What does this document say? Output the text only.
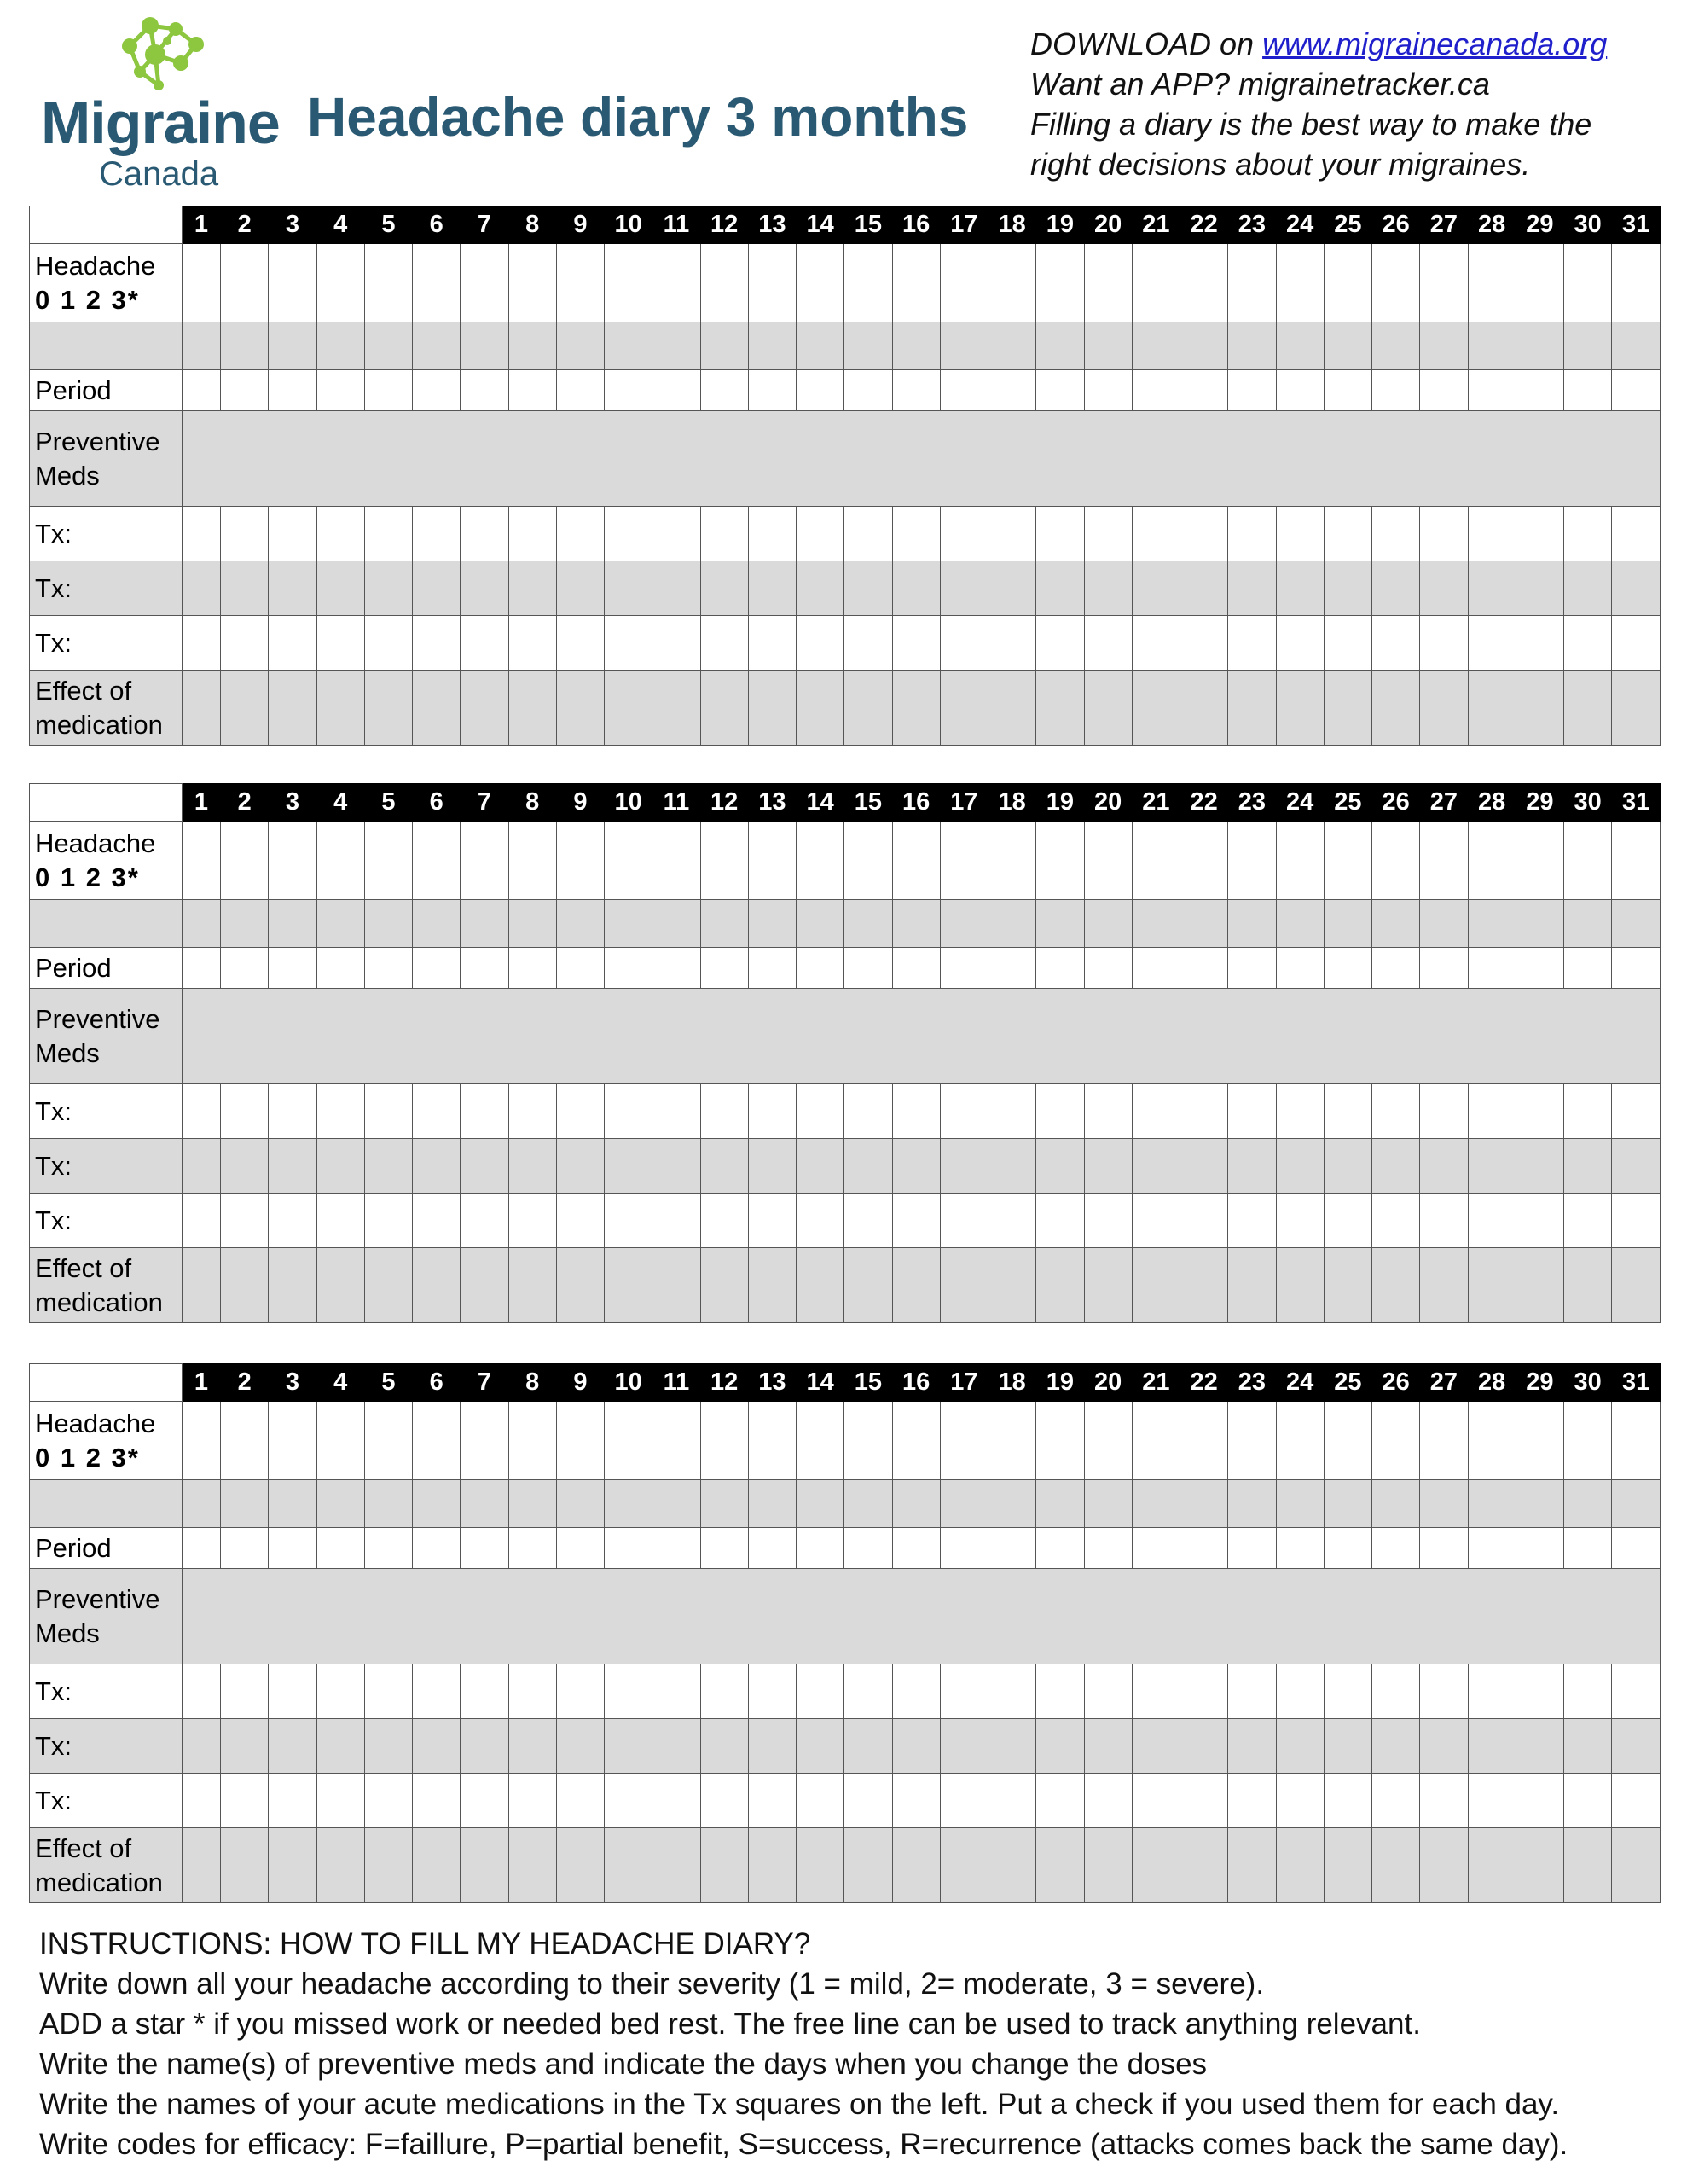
Migraine
Canada
Headache diary 3 months
DOWNLOAD on www.migrainecanada.org
Want an APP? migrainetracker.ca
Filling a diary is the best way to make the
right decisions about your migraines.
	1	2	3	4	5	6	7	8	9	10	11	12	13	14	15	16	17	18	19	20	21	22	23	24	25	26	27	28	29	30	31

Headache
0 1 2 3*																															

Period																															

Preventive
Meds																															

Tx:																															

Tx:																															

Tx:																															

Effect of
medication																															

	1	2	3	4	5	6	7	8	9	10	11	12	13	14	15	16	17	18	19	20	21	22	23	24	25	26	27	28	29	30	31

Headache
0 1 2 3*																															

Period																															

Preventive
Meds																															

Tx:																															

Tx:																															

Tx:																															

Effect of
medication																															

	1	2	3	4	5	6	7	8	9	10	11	12	13	14	15	16	17	18	19	20	21	22	23	24	25	26	27	28	29	30	31

Headache
0 1 2 3*																															

Period																															

Preventive
Meds																															

Tx:																															

Tx:																															

Tx:																															

Effect of
medication																															

INSTRUCTIONS: HOW TO FILL MY HEADACHE DIARY?
Write down all your headache according to their severity (1 = mild, 2= moderate, 3 = severe).
ADD a star * if you missed work or needed bed rest. The free line can be used to track anything relevant.
Write the name(s) of preventive meds and indicate the days when you change the doses
Write the names of your acute medications in the Tx squares on the left. Put a check if you used them for each day.
Write codes for efficacy: F=faillure, P=partial benefit, S=success, R=recurrence (attacks comes back the same day).
